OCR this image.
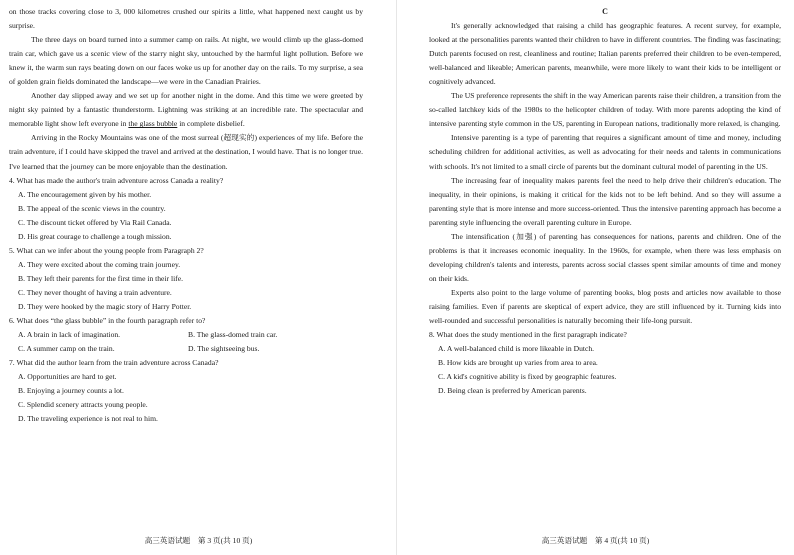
on those tracks covering close to 3, 000 kilometres crushed our spirits a little, what happened next caught us by surprise.

The three days on board turned into a summer camp on rails. At night, we would climb up the glass-domed train car, which gave us a scenic view of the starry night sky, untouched by the harmful light pollution. Before we knew it, the warm sun rays beating down on our faces woke us up for another day on the rails. To my surprise, a sea of golden grain fields dominated the landscape—we were in the Canadian Prairies.

Another day slipped away and we set up for another night in the dome. And this time we were greeted by night sky painted by a fantastic thunderstorm. Lightning was striking at an incredible rate. The spectacular and memorable light show left everyone in the glass bubble in complete disbelief.

Arriving in the Rocky Mountains was one of the most surreal (超现实的) experiences of my life. Before the train adventure, if I could have skipped the travel and arrived at the destination, I would have. That is no longer true. I've learned that the journey can be more enjoyable than the destination.

4. What has made the author's train adventure across Canada a reality?

A. The encouragement given by his mother.

B. The appeal of the scenic views in the country.

C. The discount ticket offered by Via Rail Canada.

D. His great courage to challenge a tough mission.

5. What can we infer about the young people from Paragraph 2?

A. They were excited about the coming train journey.

B. They left their parents for the first time in their life.

C. They never thought of having a train adventure.

D. They were hooked by the magic story of Harry Potter.

6. What does “the glass bubble” in the fourth paragraph refer to?

A. A brain in lack of imagination.	B. The glass-domed train car.
C. A summer camp on the train.	D. The sightseeing bus.

7. What did the author learn from the train adventure across Canada?

A. Opportunities are hard to get.

B. Enjoying a journey counts a lot.

C. Splendid scenery attracts young people.

D. The traveling experience is not real to him.

高三英语试题　第 3 页(共 10 页)

C

It's generally acknowledged that raising a child has geographic features. A recent survey, for example, looked at the personalities parents wanted their children to have in different countries. The finding was fascinating; Dutch parents focused on rest, cleanliness and routine; Italian parents preferred their children to be even-tempered, well-balanced and likeable; American parents, meanwhile, were more likely to want their kids to be intelligent or cognitively advanced.

The US preference represents the shift in the way American parents raise their children, a transition from the so-called latchkey kids of the 1980s to the helicopter children of today. With more parents adopting the kind of intensive parenting style common in the US, parenting in European nations, traditionally more relaxed, is changing.

Intensive parenting is a type of parenting that requires a significant amount of time and money, including scheduling children for additional activities, as well as advocating for their needs and talents in communications with schools. It's not limited to a small circle of parents but the dominant cultural model of parenting in the US.

The increasing fear of inequality makes parents feel the need to help drive their children's education. The inequality, in their opinions, is making it critical for the kids not to be left behind. And so they will assume a parenting style that is more intense and more success-oriented. Thus the intensive parenting approach has become a parenting style influencing the overall parenting culture in Europe.

The intensification (加强) of parenting has consequences for nations, parents and children. One of the problems is that it increases economic inequality. In the 1960s, for example, when there was less emphasis on developing children's talents and interests, parents across social classes spent similar amounts of time and money on their kids.

Experts also point to the large volume of parenting books, blog posts and articles now available to those raising families. Even if parents are skeptical of expert advice, they are still influenced by it. Turning kids into well-rounded and successful personalities is naturally becoming their life-long pursuit.

8. What does the study mentioned in the first paragraph indicate?

A. A well-balanced child is more likeable in Dutch.

B. How kids are brought up varies from area to area.

C. A kid's cognitive ability is fixed by geographic features.

D. Being clean is preferred by American parents.

高三英语试题　第 4 页(共 10 页)
